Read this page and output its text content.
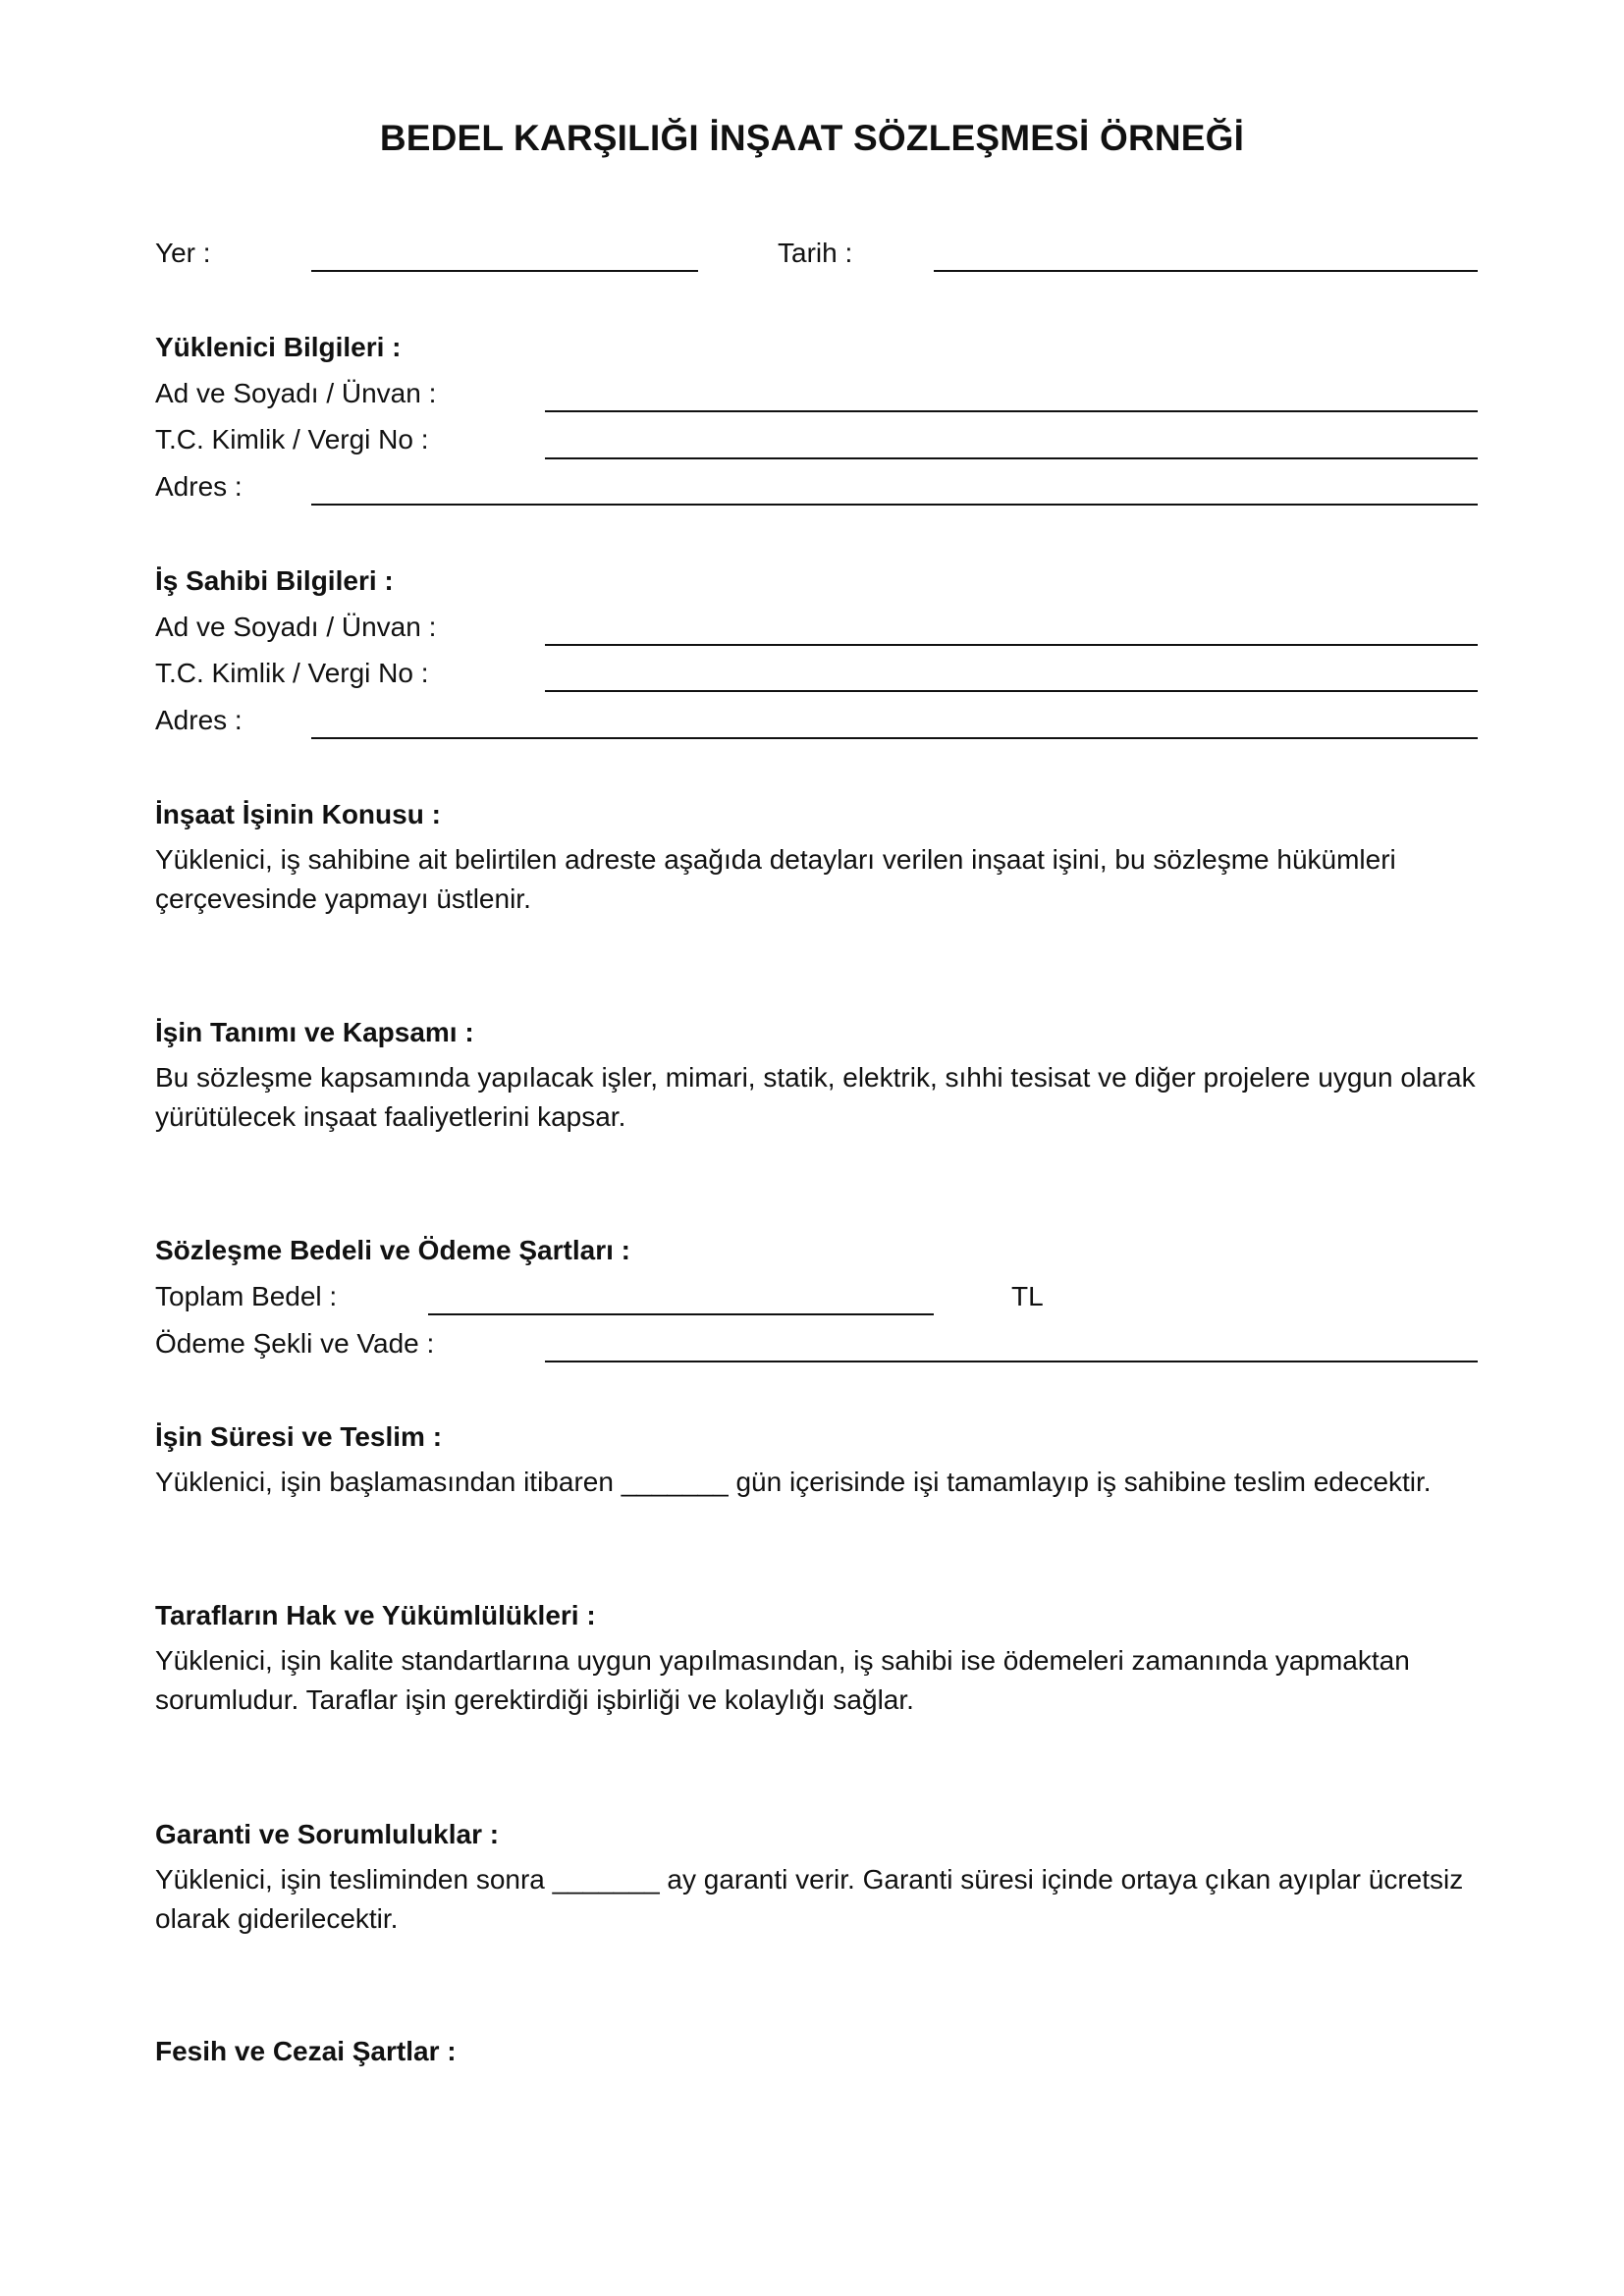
BEDEL KARŞILIĞI İNŞAAT SÖZLEŞMESİ ÖRNEĞİ
Yer :	Tarih :
Yüklenici Bilgileri :
Ad ve Soyadı / Ünvan :
T.C. Kimlik / Vergi No :
Adres :
İş Sahibi Bilgileri :
Ad ve Soyadı / Ünvan :
T.C. Kimlik / Vergi No :
Adres :
İnşaat İşinin Konusu :
Yüklenici, iş sahibine ait belirtilen adreste aşağıda detayları verilen inşaat işini, bu sözleşme hükümleri çerçevesinde yapmayı üstlenir.
İşin Tanımı ve Kapsamı :
Bu sözleşme kapsamında yapılacak işler, mimari, statik, elektrik, sıhhi tesisat ve diğer projelere uygun olarak yürütülecek inşaat faaliyetlerini kapsar.
Sözleşme Bedeli ve Ödeme Şartları :
Toplam Bedel :	TL
Ödeme Şekli ve Vade :
İşin Süresi ve Teslim :
Yüklenici, işin başlamasından itibaren _______ gün içerisinde işi tamamlayıp iş sahibine teslim edecektir.
Tarafların Hak ve Yükümlülükleri :
Yüklenici, işin kalite standartlarına uygun yapılmasından, iş sahibi ise ödemeleri zamanında yapmaktan sorumludur. Taraflar işin gerektirdiği işbirliği ve kolaylığı sağlar.
Garanti ve Sorumluluklar :
Yüklenici, işin tesliminden sonra _______ ay garanti verir. Garanti süresi içinde ortaya çıkan ayıplar ücretsiz olarak giderilecektir.
Fesih ve Cezai Şartlar :
